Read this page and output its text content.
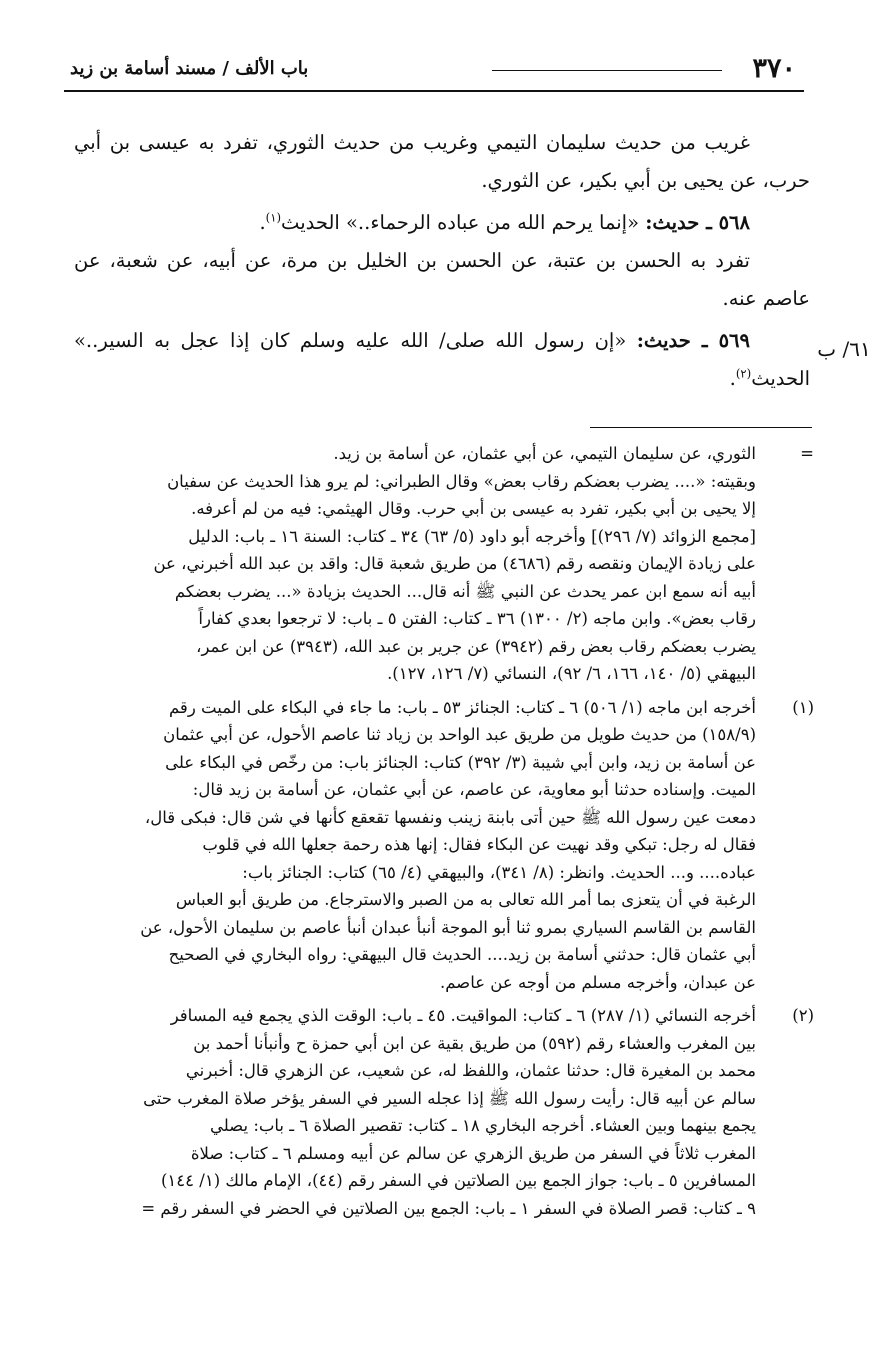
٣٧٠
باب الألف / مسند أسامة بن زيد
٦١/ ب

غريب من حديث سليمان التيمي وغريب من حديث الثوري، تفرد به عيسى بن أبي حرب، عن يحيى بن أبي بكير، عن الثوري.

٥٦٨ ـ حديث: «إنما يرحم الله من عباده الرحماء..» الحديث$^{(١)}$.

تفرد به الحسن بن عتبة، عن الحسن بن الخليل بن مرة، عن أبيه، عن شعبة، عن عاصم عنه.

٥٦٩ ـ حديث: «إن رسول الله صلى/ الله عليه وسلم كان إذا عجل به السير..» الحديث$^{(٢)}$.

=
الثوري، عن سليمان التيمي، عن أبي عثمان، عن أسامة بن زيد.
وبقيته: «.... يضرب بعضكم رقاب بعض» وقال الطبراني: لم يرو هذا الحديث عن سفيان
إلا يحيى بن أبي بكير، تفرد به عيسى بن أبي حرب. وقال الهيثمي: فيه من لم أعرفه.
[مجمع الزوائد (٧/ ٢٩٦)] وأخرجه أبو داود (٥/ ٦٣) ٣٤ ـ كتاب: السنة ١٦ ـ باب: الدليل
على زيادة الإيمان ونقصه رقم (٤٦٨٦) من طريق شعبة قال: واقد بن عبد الله أخبرني، عن
أبيه أنه سمع ابن عمر يحدث عن النبي ﷺ أنه قال... الحديث بزيادة «... يضرب بعضكم
رقاب بعض». وابن ماجه (٢/ ١٣٠٠) ٣٦ ـ كتاب: الفتن ٥ ـ باب: لا ترجعوا بعدي كفاراً
يضرب بعضكم رقاب بعض رقم (٣٩٤٢) عن جرير بن عبد الله، (٣٩٤٣) عن ابن عمر،
البيهقي (٥/ ١٤٠، ١٦٦، ٦/ ٩٢)، النسائي (٧/ ١٢٦، ١٢٧).
(١)
أخرجه ابن ماجه (١/ ٥٠٦) ٦ ـ كتاب: الجنائز ٥٣ ـ باب: ما جاء في البكاء على الميت رقم
(١٥٨/٩) من حديث طويل من طريق عبد الواحد بن زياد ثنا عاصم الأحول، عن أبي عثمان
عن أسامة بن زيد، وابن أبي شيبة (٣/ ٣٩٢) كتاب: الجنائز باب: من رخّص في البكاء على
الميت. وإسناده حدثنا أبو معاوية، عن عاصم، عن أبي عثمان، عن أسامة بن زيد قال:
دمعت عين رسول الله ﷺ حين أتى بابنة زينب ونفسها تقعقع كأنها في شن قال: فبكى قال،
فقال له رجل: تبكي وقد نهيت عن البكاء فقال: إنها هذه رحمة جعلها الله في قلوب
عباده.... و... الحديث. وانظر: (٨/ ٣٤١)، والبيهقي (٤/ ٦٥) كتاب: الجنائز باب:
الرغبة في أن يتعزى بما أمر الله تعالى به من الصبر والاسترجاع. من طريق أبو العباس
القاسم بن القاسم السياري بمرو ثنا أبو الموجة أنبأ عبدان أنبأ عاصم بن سليمان الأحول، عن
أبي عثمان قال: حدثني أسامة بن زيد.... الحديث قال البيهقي: رواه البخاري في الصحيح
عن عبدان، وأخرجه مسلم من أوجه عن عاصم.
(٢)
أخرجه النسائي (١/ ٢٨٧) ٦ ـ كتاب: المواقيت. ٤٥ ـ باب: الوقت الذي يجمع فيه المسافر
بين المغرب والعشاء رقم (٥٩٢) من طريق بقية عن ابن أبي حمزة ح وأنبأنا أحمد بن
محمد بن المغيرة قال: حدثنا عثمان، واللفظ له، عن شعيب، عن الزهري قال: أخبرني
سالم عن أبيه قال: رأيت رسول الله ﷺ إذا عجله السير في السفر يؤخر صلاة المغرب حتى
يجمع بينهما وبين العشاء. أخرجه البخاري ١٨ ـ كتاب: تقصير الصلاة ٦ ـ باب: يصلي
المغرب ثلاثاً في السفر من طريق الزهري عن سالم عن أبيه ومسلم ٦ ـ كتاب: صلاة
المسافرين ٥ ـ باب: جواز الجمع بين الصلاتين في السفر رقم (٤٤)، الإمام مالك (١/ ١٤٤)
٩ ـ كتاب: قصر الصلاة في السفر ١ ـ باب: الجمع بين الصلاتين في الحضر في السفر رقم =
